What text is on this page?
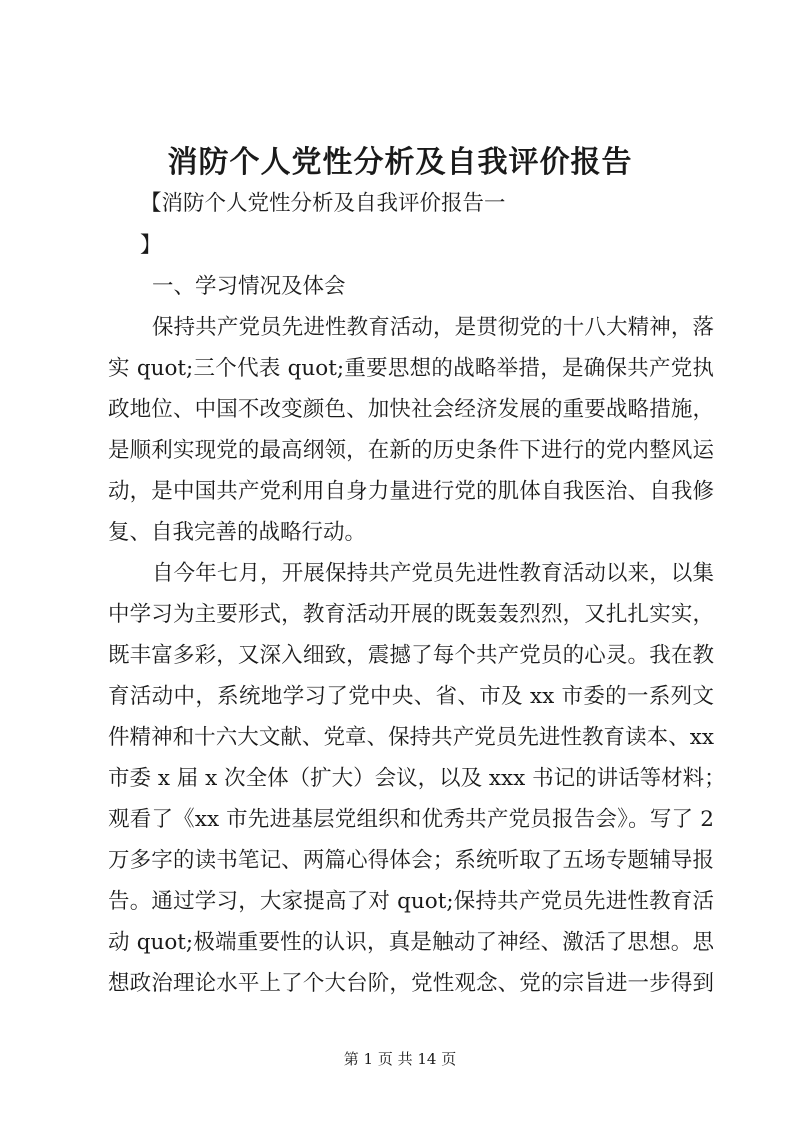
消防个人党性分析及自我评价报告

【消防个人党性分析及自我评价报告一

】

一、学习情况及体会

保持共产党员先进性教育活动，是贯彻党的十八大精神，落

实 quot;三个代表 quot;重要思想的战略举措，是确保共产党执

政地位、中国不改变颜色、加快社会经济发展的重要战略措施，

是顺利实现党的最高纲领，在新的历史条件下进行的党内整风运

动，是中国共产党利用自身力量进行党的肌体自我医治、自我修

复、自我完善的战略行动。

自今年七月，开展保持共产党员先进性教育活动以来，以集

中学习为主要形式，教育活动开展的既轰轰烈烈，又扎扎实实，

既丰富多彩，又深入细致，震撼了每个共产党员的心灵。我在教

育活动中，系统地学习了党中央、省、市及 xx 市委的一系列文

件精神和十六大文献、党章、保持共产党员先进性教育读本、xx

市委 x 届 x 次全体（扩大）会议，以及 xxx 书记的讲话等材料；

观看了《xx 市先进基层党组织和优秀共产党员报告会》。写了 2

万多字的读书笔记、两篇心得体会；系统听取了五场专题辅导报

告。通过学习，大家提高了对 quot;保持共产党员先进性教育活

动 quot;极端重要性的认识，真是触动了神经、激活了思想。思

想政治理论水平上了个大台阶，党性观念、党的宗旨进一步得到

第 1 页 共 14 页
